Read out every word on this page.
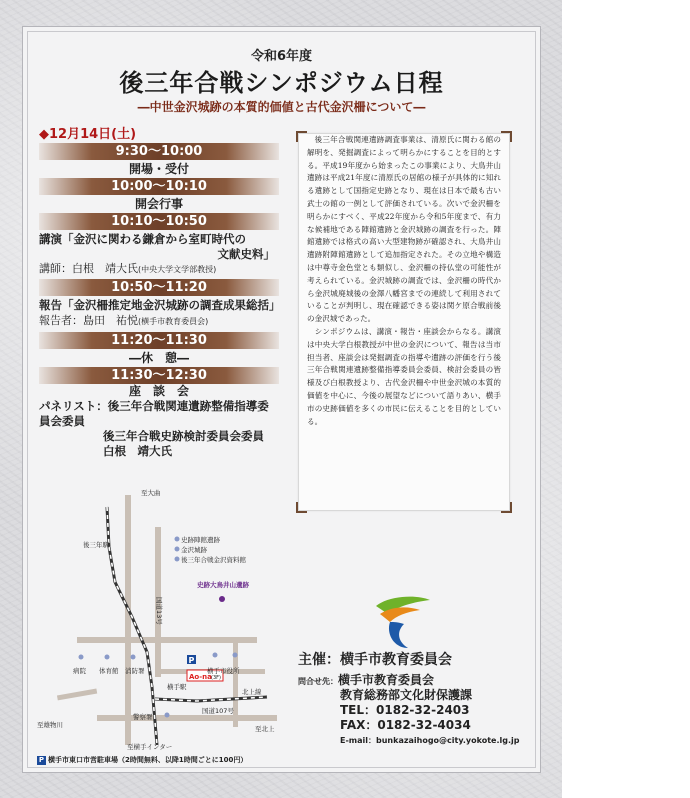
令和6年度
後三年合戦シンポジウム日程
―中世金沢城跡の本質的価値と古代金沢柵について―
◆12月14日(土)
9:30～10:00
開場・受付
10:00～10:10
開会行事
10:10～10:50
講演「金沢に関わる鎌倉から室町時代の
文献史料」
講師：白根　靖大氏(中央大学文学部教授)
10:50～11:20
報告「金沢柵推定地金沢城跡の調査成果総括」
報告者：島田　祐悦(横手市教育委員会)
11:20～11:30
―休　憩―
11:30～12:30
座　談　会
パネリスト：後三年合戦関連遺跡整備指導委員会委員
後三年合戦史跡検討委員会委員
白根　靖大氏

後三年合戦関連遺跡調査事業は、清原氏に関わる館の解明を、発掘調査によって明らかにすることを目的とする。平成19年度から始まったこの事業により、大鳥井山遺跡は平成21年度に清原氏の居館の様子が具体的に知れる遺跡として国指定史跡となり、現在は日本で最も古い武士の館の一例として評価されている。次いで金沢柵を明らかにすべく、平成22年度から令和5年度まで、有力な候補地である陣館遺跡と金沢城跡の調査を行った。陣館遺跡では格式の高い大型建物跡が確認され、大鳥井山遺跡附陣館遺跡として追加指定された。その立地や構造は中尊寺金色堂とも類似し、金沢柵の持仏堂の可能性が考えられている。金沢城跡の調査では、金沢柵の時代から金沢城廃城後の金澤八幡宮までの連続して利用されていることが判明し、現在確認できる姿は関ケ原合戦前後の金沢城であった。

シンポジウムは、講演・報告・座談会からなる。講演は中央大学白根教授が中世の金沢について、報告は当市担当者、座談会は発掘調査の指導や遺跡の評価を行う後三年合戦関連遺跡整備指導委員会委員、検討会委員の皆様及び白根教授より、古代金沢柵や中世金沢城の本質的価値を中心に、今後の展望などについて語りあい、横手市の史跡価値を多くの市民に伝えることを目的としている。

P
至大曲
史跡陣館遺跡
金沢城跡
後三年合戦金沢資料館
後三年駅
国道13号
史跡大鳥井山遺跡
病院 体育館 消防署	横手市役所
警察署
北上線
国道107号
至横手インター
至雄物川	至北上
横手駅
Ao-na (3F)
P 横手市東口市営駐車場（2時間無料、以降1時間ごとに100円）
主催：横手市教育委員会
問合せ先：横手市教育委員会
教育総務部文化財保護課
TEL：0182-32-2403
FAX：0182-32-4034
E-mail：bunkazaihogo@city.yokote.lg.jp
